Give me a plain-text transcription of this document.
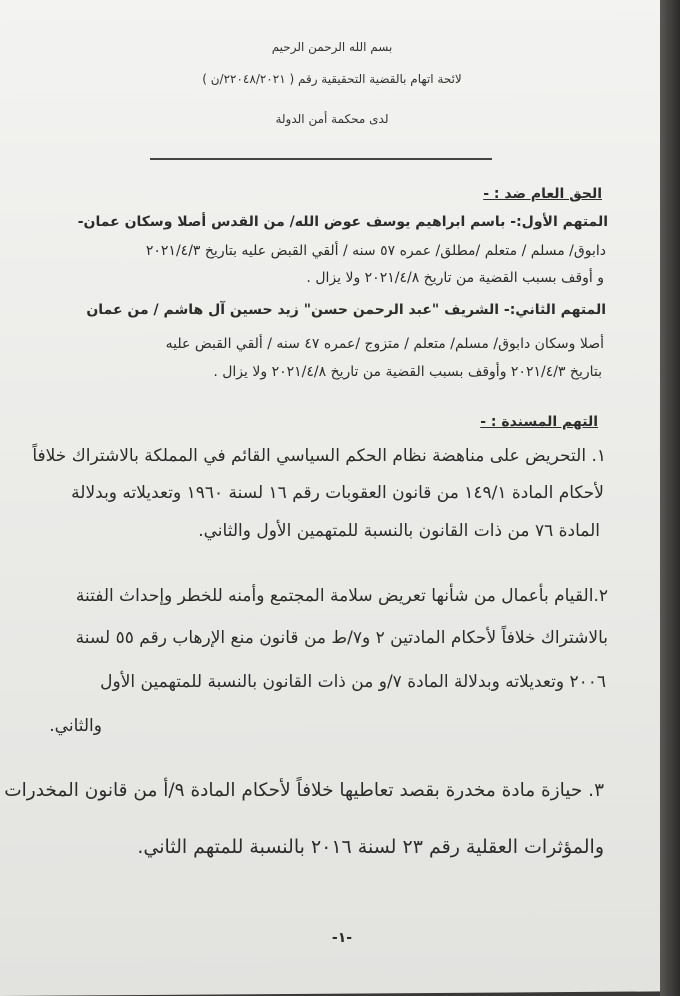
بسم الله الرحمن الرحيم
لائحة اتهام بالقضية التحقيقية رقم ( ٢٢٠٤٨/٢٠٢١/ن )
لدى محكمة أمن الدولة
الحق العام ضد : -
المتهم الأول:- باسم ابراهيم يوسف عوض الله/ من القدس أصلا وسكان عمان-
دابوق/ مسلم / متعلم /مطلق/ عمره ٥٧ سنه / ألقي القبض عليه بتاريخ ٢٠٢١/٤/٣
و أوقف بسبب القضية من تاريخ ٢٠٢١/٤/٨ ولا يزال .
المتهم الثاني:- الشريف "عبد الرحمن حسن" زيد حسين آل هاشم / من عمان
أصلا وسكان دابوق/ مسلم/ متعلم / متزوج /عمره ٤٧ سنه / ألقي القبض عليه
بتاريخ ٢٠٢١/٤/٣ وأوقف بسبب القضية من تاريخ ٢٠٢١/٤/٨ ولا يزال .
التهم المسندة : -
١. التحريض على مناهضة نظام الحكم السياسي القائم في المملكة بالاشتراك خلافاً
لأحكام المادة ١٤٩/١ من قانون العقوبات رقم ١٦ لسنة ١٩٦٠ وتعديلاته وبدلالة
المادة ٧٦ من ذات القانون بالنسبة للمتهمين الأول والثاني.
٢.القيام بأعمال من شأنها تعريض سلامة المجتمع وأمنه للخطر وإحداث الفتنة
بالاشتراك خلافاً لأحكام المادتين ٢ و٧/ط من قانون منع الإرهاب رقم ٥٥ لسنة
٢٠٠٦ وتعديلاته وبدلالة المادة ٧/و من ذات القانون بالنسبة للمتهمين الأول
والثاني.
٣. حيازة مادة مخدرة بقصد تعاطيها خلافاً لأحكام المادة ٩/أ من قانون المخدرات
والمؤثرات العقلية رقم ٢٣ لسنة ٢٠١٦ بالنسبة للمتهم الثاني.
-١-
